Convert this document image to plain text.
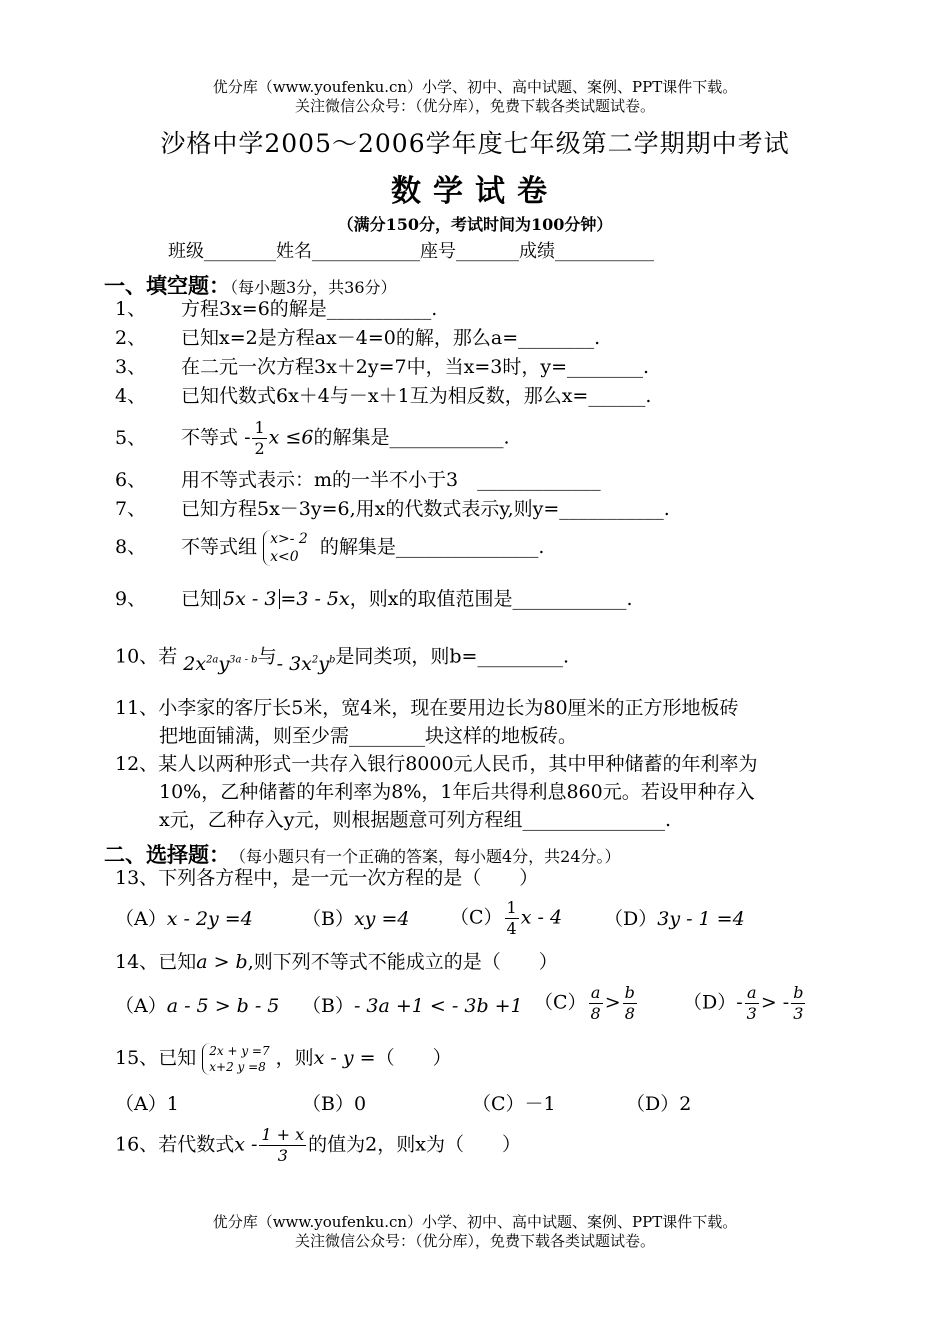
优分库（www.youfenku.cn）小学、初中、高中试题、案例、PPT课件下载。
关注微信公众号：（优分库），免费下载各类试题试卷。
沙格中学2005～2006学年度七年级第二学期期中考试
数学试卷
（满分150分，考试时间为100分钟）
班级________姓名____________座号_______成绩___________
一、填空题：（每小题3分，共36分）
1、 方程3x=6的解是___________.
2、 已知x=2是方程ax－4=0的解，那么a=________.
3、 在二元一次方程3x＋2y=7中，当x=3时，y=________.
4、 已知代数式6x＋4与－x＋1互为相反数，那么x=______.
5、 不等式 - $\frac{1}{2}$ x ≤6的解集是____________.
6、 用不等式表示：m的一半不小于3　_____________
7、 已知方程5x－3y=6,用x的代数式表示y,则y=___________.
8、 不等式组 x>- 2
x<0	的解集是_______________.
9、 已知 5x - 3 =3 - 5x，则x的取值范围是____________.
10、若 $2x^{2a}y^{3a - b}$与- $3x^2y^b$是同类项，则b=_________.
11、小李家的客厅长5米，宽4米，现在要用边长为80厘米的正方形地板砖
把地面铺满，则至少需________块这样的地板砖。
12、某人以两种形式一共存入银行8000元人民币，其中甲种储蓄的年利率为
10%，乙种储蓄的年利率为8%，1年后共得利息860元。若设甲种存入
x元，乙种存入y元，则根据题意可列方程组_______________.
二、选择题： （每小题只有一个正确的答案，每小题4分，共24分。）
13、下列各方程中，是一元一次方程的是（　　）
（A）x - 2y =4	（B）xy =4 $(C) \frac{1}{4}$ x - 4 （D）3y - 1 =4
14、已知a > b,则下列不等式不能成立的是（　　）
（A）a - 5 > b - 5 （B）- 3a +1 < - 3b +1 $(C) \frac{a}{8} > \frac{b}{8} (D)- \frac{a}{3}$ > - $\frac{b}{3}$
15、已知 2x + y =7
x+2 y =8 ，则x - y =（　　）
（A）1	（B）0	（C）－1	（D）2
16、若代数式x - $\frac{1 + x}{3}$ 的值为2，则x为（　　）
优分库（www.youfenku.cn）小学、初中、高中试题、案例、PPT课件下载。
关注微信公众号：（优分库），免费下载各类试题试卷。
